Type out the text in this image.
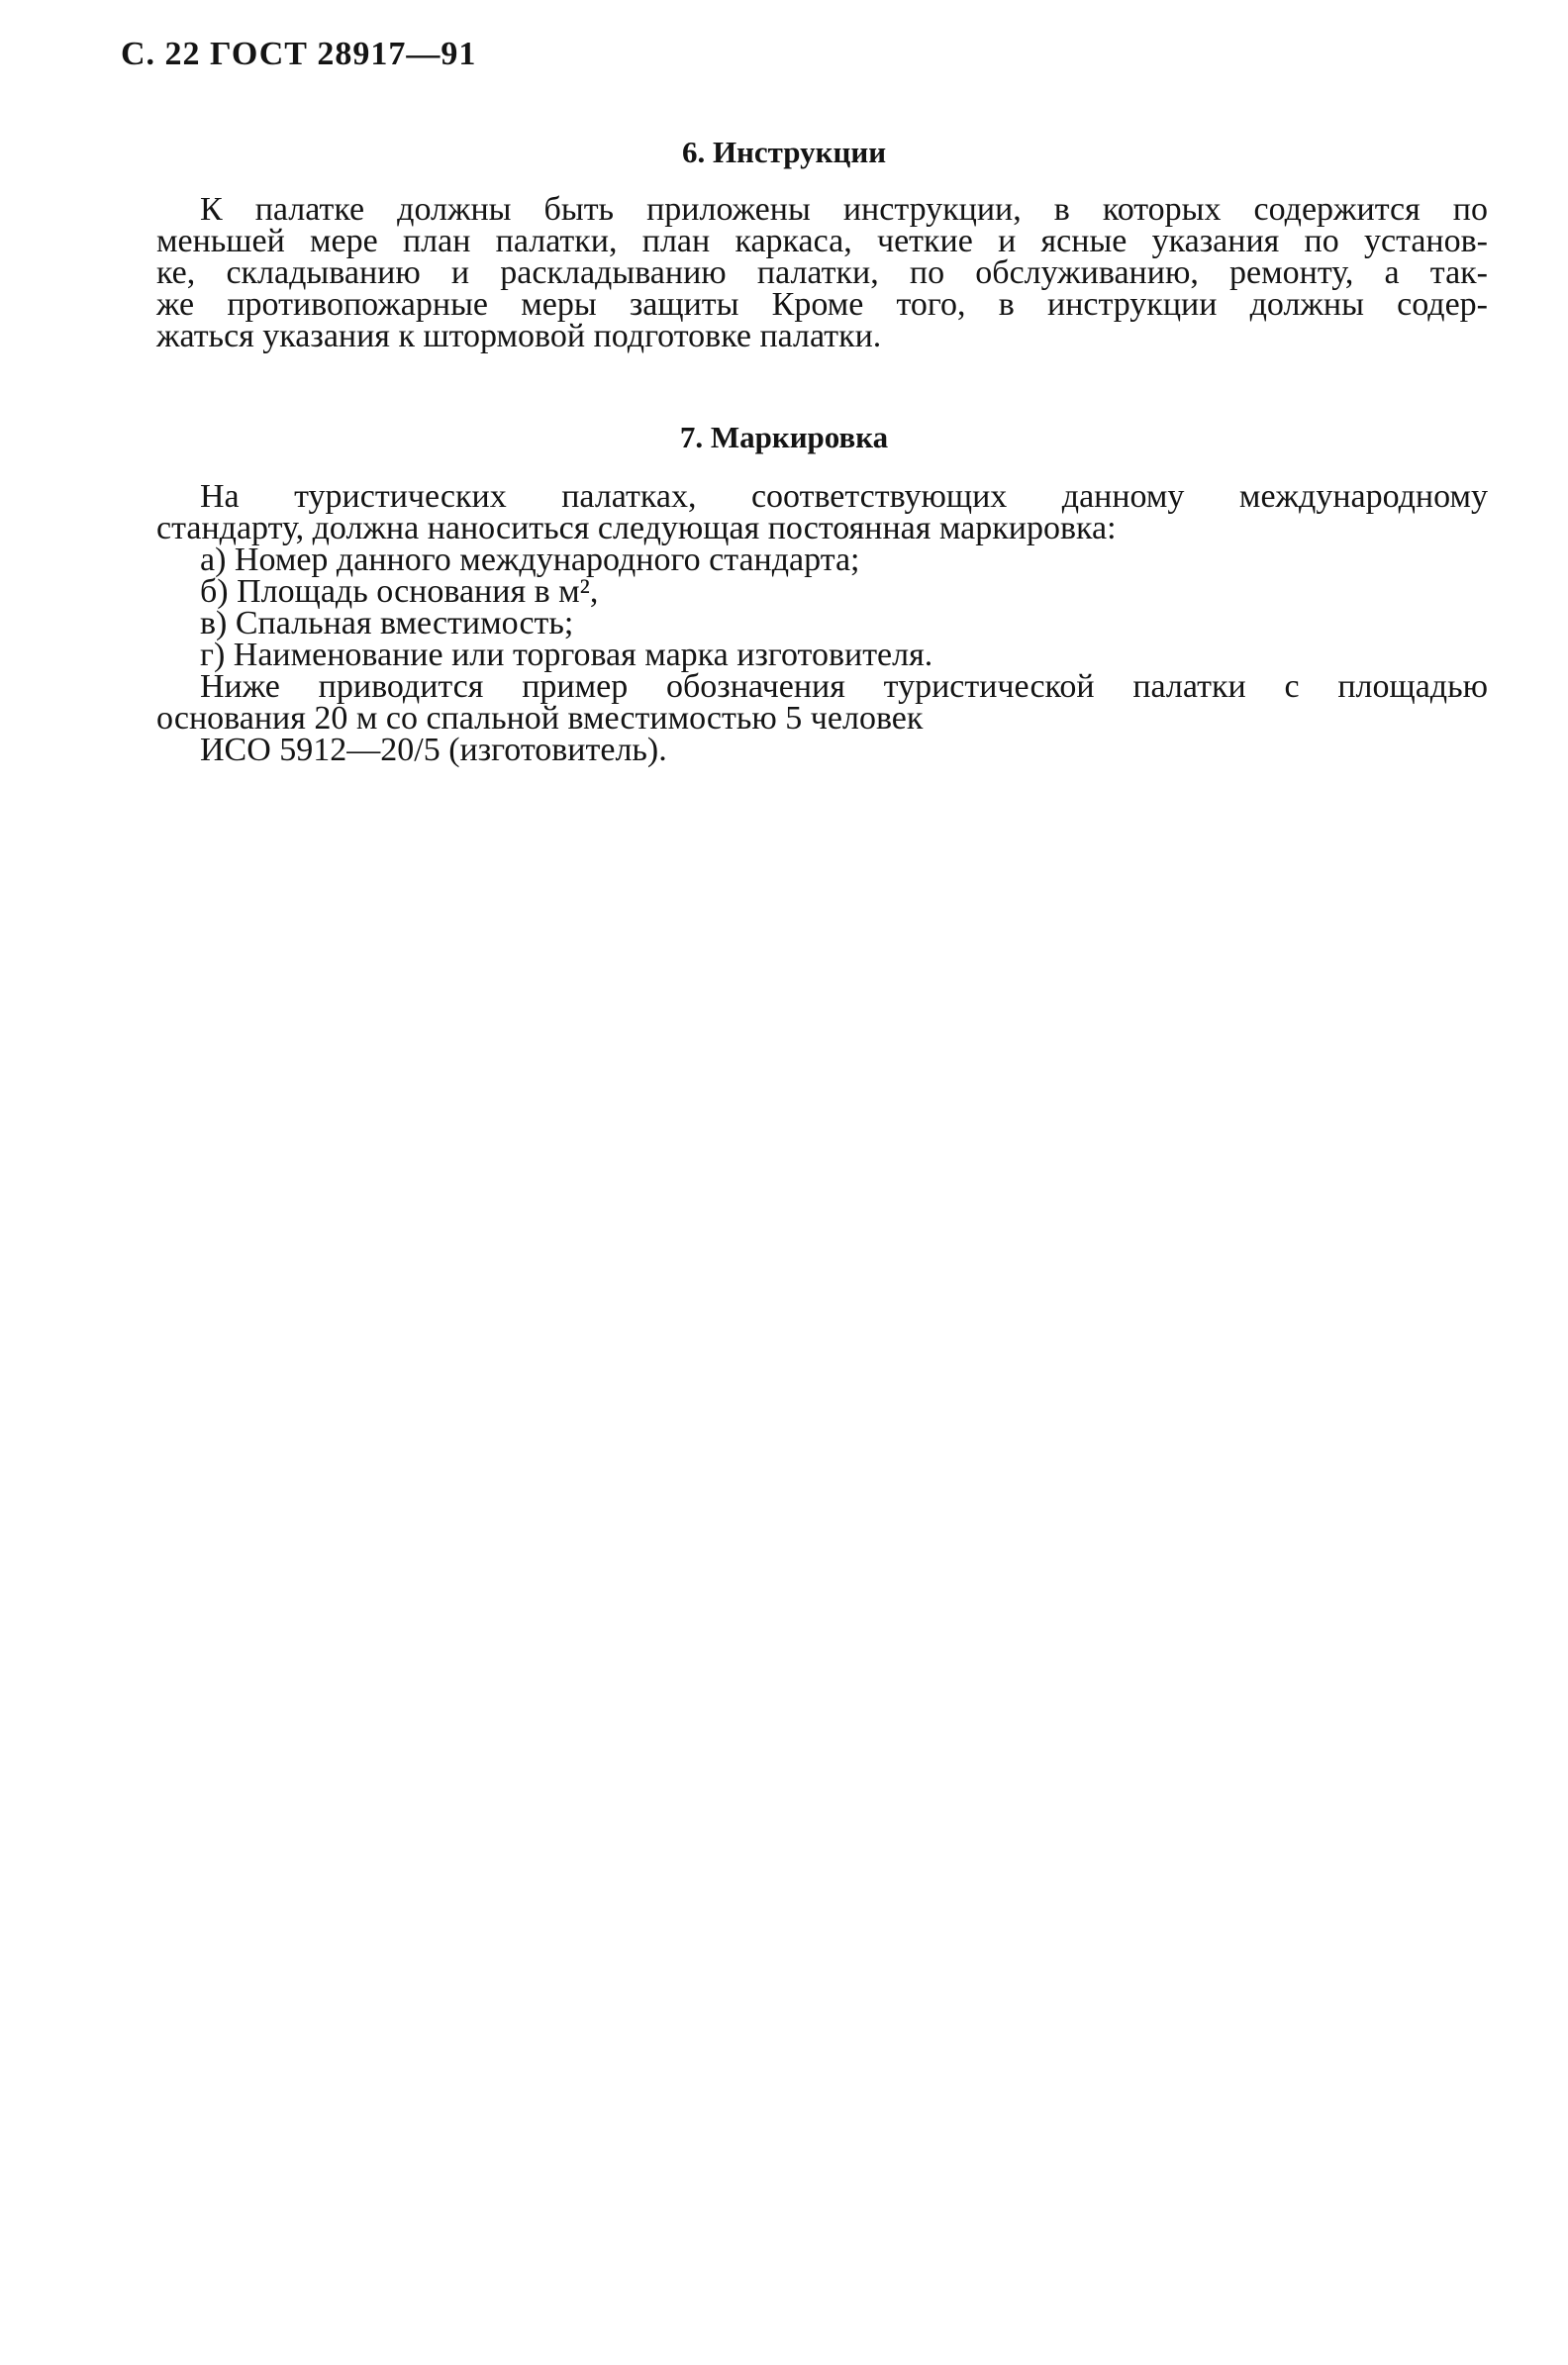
С. 22 ГОСТ 28917—91
6. Инструкции
К палатке должны быть приложены инструкции, в которых содержится по
меньшей мере план палатки, план каркаса, четкие и ясные указания по установ-
ке, складыванию и раскладыванию палатки, по обслуживанию, ремонту, а так-
же противопожарные меры защиты Кроме того, в инструкции должны содер-
жаться указания к штормовой подготовке палатки.
7. Маркировка
На туристических палатках, соответствующих данному международному
стандарту, должна наноситься следующая постоянная маркировка:
а) Номер данного международного стандарта;
б) Площадь основания в м²,
в) Спальная вместимость;
г) Наименование или торговая марка изготовителя.
Ниже приводится пример обозначения туристической палатки с площадью
основания 20 м со спальной вместимостью 5 человек
ИСО 5912—20/5 (изготовитель).
